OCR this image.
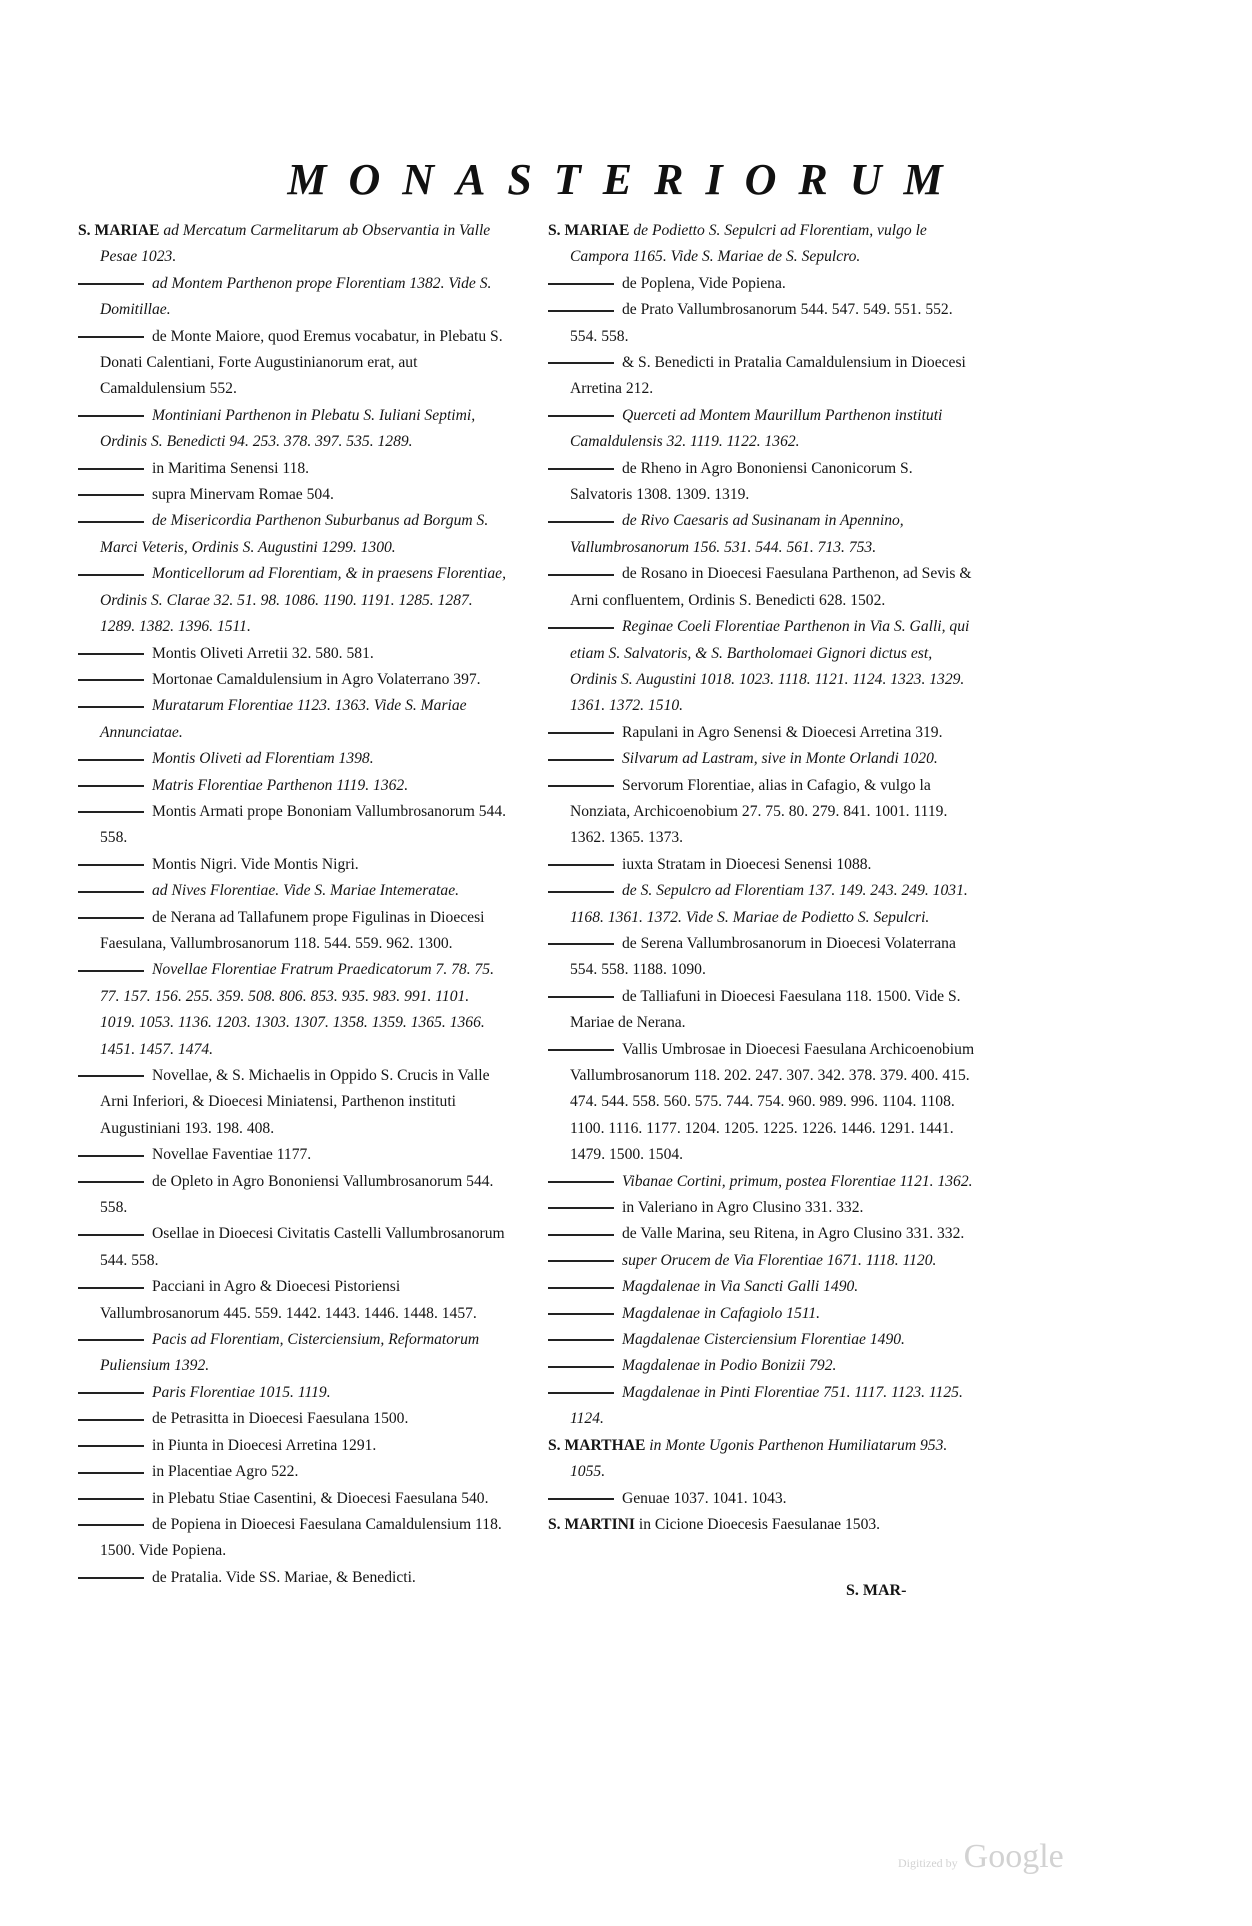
MONASTERIORUM

S. MARIAE ad Mercatum Carmelitarum ab Observantia in Valle Pesae 1023.

ad Montem Parthenon prope Florentiam 1382. Vide S. Domitillae.

de Monte Maiore, quod Eremus vocabatur, in Plebatu S. Donati Calentiani, Forte Augustinianorum erat, aut Camaldulensium 552.

Montiniani Parthenon in Plebatu S. Iuliani Septimi, Ordinis S. Benedicti 94. 253. 378. 397. 535. 1289.

in Maritima Senensi 118.

supra Minervam Romae 504.

de Misericordia Parthenon Suburbanus ad Borgum S. Marci Veteris, Ordinis S. Augustini 1299. 1300.

Monticellorum ad Florentiam, & in praesens Florentiae, Ordinis S. Clarae 32. 51. 98. 1086. 1190. 1191. 1285. 1287. 1289. 1382. 1396. 1511.

Montis Oliveti Arretii 32. 580. 581.

Mortonae Camaldulensium in Agro Volaterrano 397.

Muratarum Florentiae 1123. 1363. Vide S. Mariae Annunciatae.

Montis Oliveti ad Florentiam 1398.

Matris Florentiae Parthenon 1119. 1362.

Montis Armati prope Bononiam Vallumbrosanorum 544. 558.

Montis Nigri. Vide Montis Nigri.

ad Nives Florentiae. Vide S. Mariae Intemeratae.

de Nerana ad Tallafunem prope Figulinas in Dioecesi Faesulana, Vallumbrosanorum 118. 544. 559. 962. 1300.

Novellae Florentiae Fratrum Praedicatorum 7. 78. 75. 77. 157. 156. 255. 359. 508. 806. 853. 935. 983. 991. 1101. 1019. 1053. 1136. 1203. 1303. 1307. 1358. 1359. 1365. 1366. 1451. 1457. 1474.

Novellae, & S. Michaelis in Oppido S. Crucis in Valle Arni Inferiori, & Dioecesi Miniatensi, Parthenon instituti Augustiniani 193. 198. 408.

Novellae Faventiae 1177.

de Opleto in Agro Bononiensi Vallumbrosanorum 544. 558.

Osellae in Dioecesi Civitatis Castelli Vallumbrosanorum 544. 558.

Pacciani in Agro & Dioecesi Pistoriensi Vallumbrosanorum 445. 559. 1442. 1443. 1446. 1448. 1457.

Pacis ad Florentiam, Cisterciensium, Reformatorum Puliensium 1392.

Paris Florentiae 1015. 1119.

de Petrasitta in Dioecesi Faesulana 1500.

in Piunta in Dioecesi Arretina 1291.

in Placentiae Agro 522.

in Plebatu Stiae Casentini, & Dioecesi Faesulana 540.

de Popiena in Dioecesi Faesulana Camaldulensium 118. 1500. Vide Popiena.

de Pratalia. Vide SS. Mariae, & Benedicti.

S. MARIAE de Podietto S. Sepulcri ad Florentiam, vulgo le Campora 1165. Vide S. Mariae de S. Sepulcro.

de Poplena, Vide Popiena.

de Prato Vallumbrosanorum 544. 547. 549. 551. 552. 554. 558.

& S. Benedicti in Pratalia Camaldulensium in Dioecesi Arretina 212.

Querceti ad Montem Maurillum Parthenon instituti Camaldulensis 32. 1119. 1122. 1362.

de Rheno in Agro Bononiensi Canonicorum S. Salvatoris 1308. 1309. 1319.

de Rivo Caesaris ad Susinanam in Apennino, Vallumbrosanorum 156. 531. 544. 561. 713. 753.

de Rosano in Dioecesi Faesulana Parthenon, ad Sevis & Arni confluentem, Ordinis S. Benedicti 628. 1502.

Reginae Coeli Florentiae Parthenon in Via S. Galli, qui etiam S. Salvatoris, & S. Bartholomaei Gignori dictus est, Ordinis S. Augustini 1018. 1023. 1118. 1121. 1124. 1323. 1329. 1361. 1372. 1510.

Rapulani in Agro Senensi & Dioecesi Arretina 319.

Silvarum ad Lastram, sive in Monte Orlandi 1020.

Servorum Florentiae, alias in Cafagio, & vulgo la Nonziata, Archicoenobium 27. 75. 80. 279. 841. 1001. 1119. 1362. 1365. 1373.

iuxta Stratam in Dioecesi Senensi 1088.

de S. Sepulcro ad Florentiam 137. 149. 243. 249. 1031. 1168. 1361. 1372. Vide S. Mariae de Podietto S. Sepulcri.

de Serena Vallumbrosanorum in Dioecesi Volaterrana 554. 558. 1188. 1090.

de Talliafuni in Dioecesi Faesulana 118. 1500. Vide S. Mariae de Nerana.

Vallis Umbrosae in Dioecesi Faesulana Archicoenobium Vallumbrosanorum 118. 202. 247. 307. 342. 378. 379. 400. 415. 474. 544. 558. 560. 575. 744. 754. 960. 989. 996. 1104. 1108. 1100. 1116. 1177. 1204. 1205. 1225. 1226. 1446. 1291. 1441. 1479. 1500. 1504.

Vibanae Cortini, primum, postea Florentiae 1121. 1362.

in Valeriano in Agro Clusino 331. 332.

de Valle Marina, seu Ritena, in Agro Clusino 331. 332.

super Orucem de Via Florentiae 1671. 1118. 1120.

Magdalenae in Via Sancti Galli 1490.

Magdalenae in Cafagiolo 1511.

Magdalenae Cisterciensium Florentiae 1490.

Magdalenae in Podio Bonizii 792.

Magdalenae in Pinti Florentiae 751. 1117. 1123. 1125. 1124.

S. MARTHAE in Monte Ugonis Parthenon Humiliatarum 953. 1055.

Genuae 1037. 1041. 1043.

S. MARTINI in Cicione Dioecesis Faesulanae 1503.

S. MAR-
Digitized by Google
